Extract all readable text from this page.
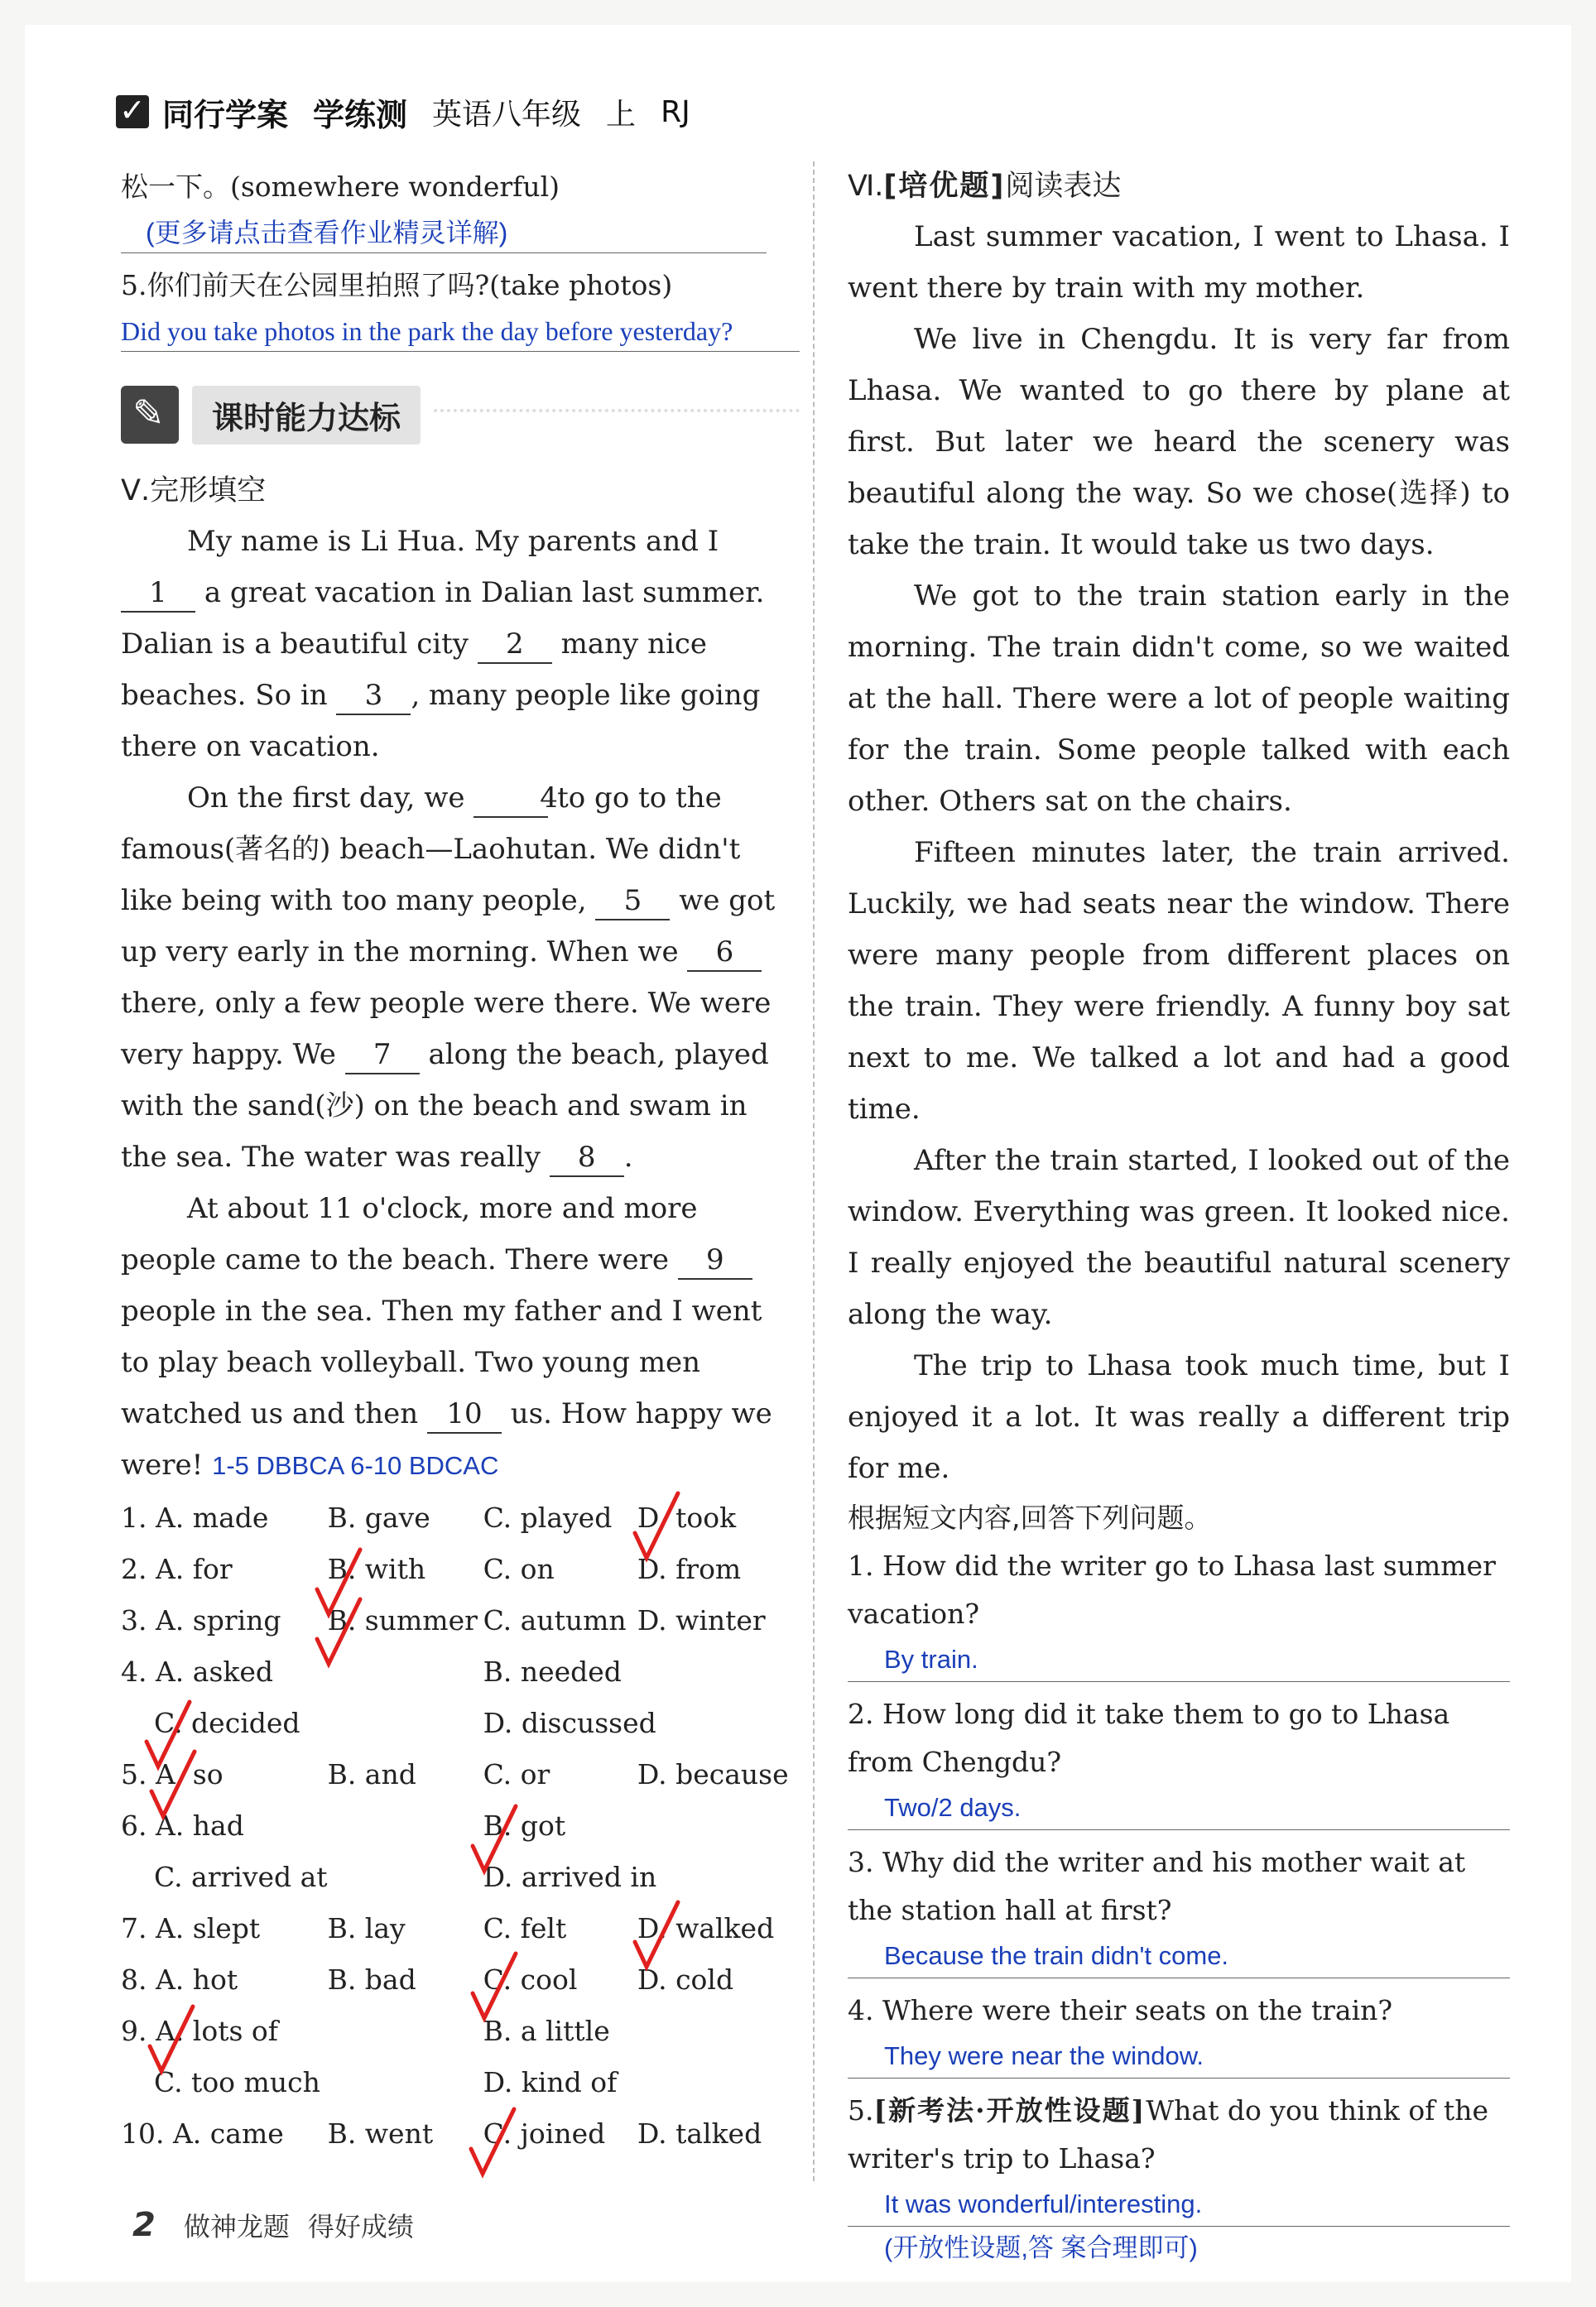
✓
同行学案 学练测 英语八年级 上 RJ
松一下。(somewhere wonderful)
(更多请点击查看作业精灵详解)
5.你们前天在公园里拍照了吗?(take photos)
Did you take photos in the park the day before yesterday?
✎
课时能力达标
Ⅴ.完形填空
My name is Li Hua. My parents and I
1 a great vacation in Dalian last summer.
Dalian is a beautiful city 2 many nice
beaches. So in 3 , many people like going
there on vacation.
On the first day, we	4 to go to the
famous(著名的) beach—Laohutan. We didn't
like being with too many people, 5 we got
up very early in the morning. When we 6
there, only a few people were there. We were
very happy. We 7 along the beach, played
with the sand(沙) on the beach and swam in
the sea. The water was really 8 .
At about 11 o'clock, more and more
people came to the beach. There were 9
people in the sea. Then my father and I went
to play beach volleyball. Two young men
watched us and then 10 us. How happy we
were! 1-5 DBBCA 6-10 BDCAC
1. A. made	B. gave	C. played	D. took
2. A. for	B. with	C. on	D. from
3. A. spring	B. summer	C. autumn	D. winter
4. A. asked		B. needed	
C. decided		D. discussed	
5. A. so	B. and	C. or	D. because
6. A. had		B. got	
C. arrived at		D. arrived in	
7. A. slept	B. lay	C. felt	D. walked
8. A. hot	B. bad	C. cool	D. cold
9. A. lots of		B. a little	
C. too much		D. kind of	
10. A. came	B. went	C. joined	D. talked
Ⅵ.[培优题]阅读表达
Last summer vacation, I went to Lhasa. I went there by train with my mother.
We live in Chengdu. It is very far from Lhasa. We wanted to go there by plane at first. But later we heard the scenery was beautiful along the way. So we chose(选择) to take the train. It would take us two days.
We got to the train station early in the morning. The train didn't come, so we waited at the hall. There were a lot of people waiting for the train. Some people talked with each other. Others sat on the chairs.
Fifteen minutes later, the train arrived. Luckily, we had seats near the window. There were many people from different places on the train. They were friendly. A funny boy sat next to me. We talked a lot and had a good time.
After the train started, I looked out of the window. Everything was green. It looked nice. I really enjoyed the beautiful natural scenery along the way.
The trip to Lhasa took much time, but I enjoyed it a lot. It was really a different trip for me.
根据短文内容,回答下列问题。
1. How did the writer go to Lhasa last summer vacation?
By train.
2. How long did it take them to go to Lhasa from Chengdu?
Two/2 days.
3. Why did the writer and his mother wait at the station hall at first?
Because the train didn't come.
4. Where were their seats on the train?
They were near the window.
5.[新考法·开放性设题]What do you think of the writer's trip to Lhasa?
It was wonderful/interesting.
(开放性设题,答 案合理即可)
2 做神龙题 得好成绩
